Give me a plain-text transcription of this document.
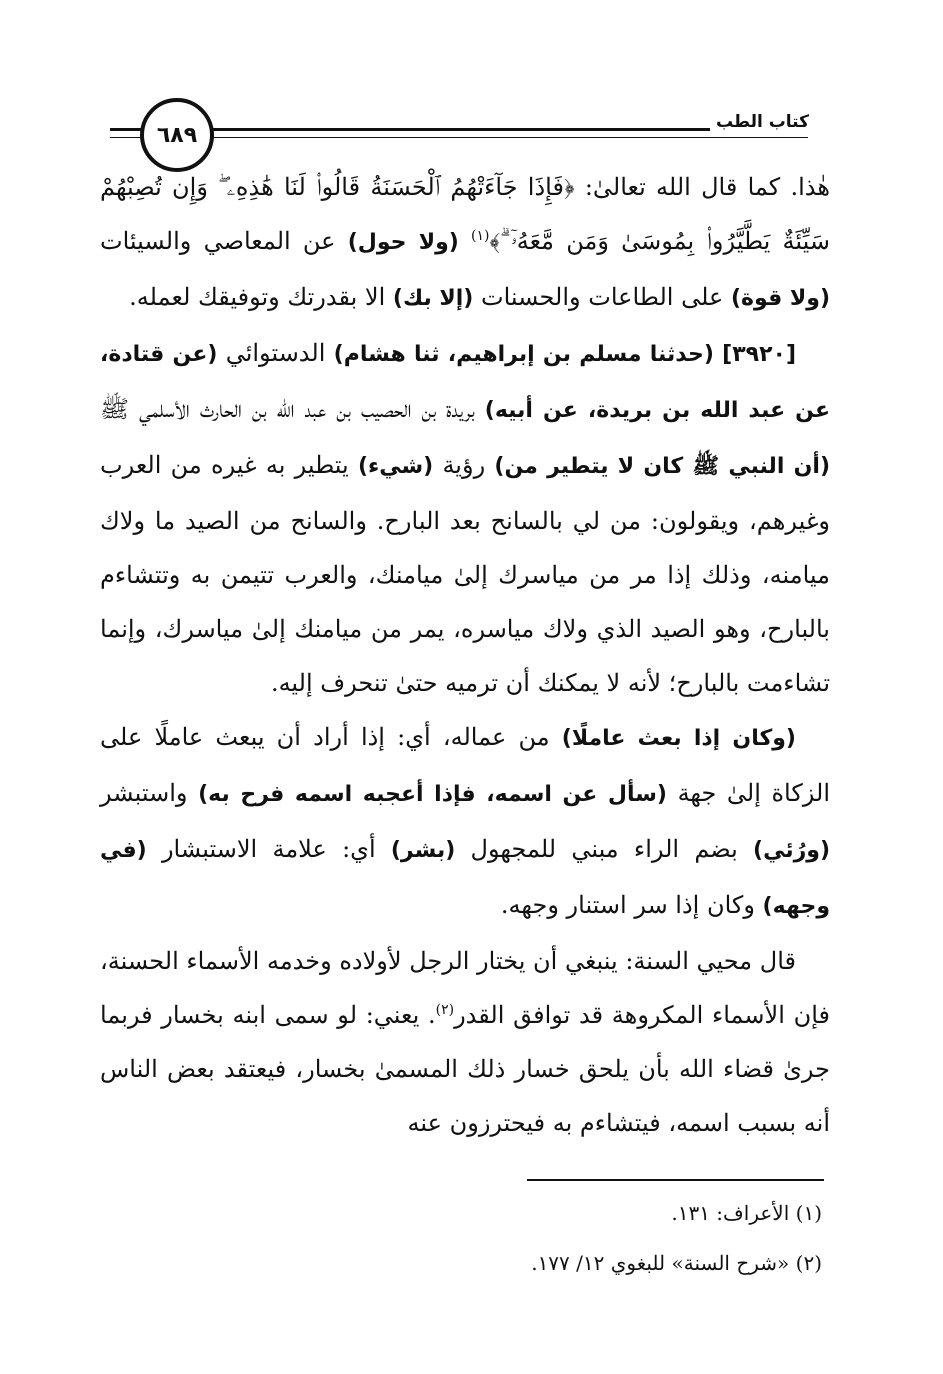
٦٨٩
كتاب الطب

هٰذا. كما قال الله تعالىٰ: ﴿فَإِذَا جَآءَتْهُمُ ٱلْحَسَنَةُ قَالُوا۟ لَنَا هَٰذِهِۦ ۖ وَإِن تُصِبْهُمْ سَيِّئَةٌ يَطَّيَّرُوا۟ بِمُوسَىٰ وَمَن مَّعَهُۥٓ ۗ﴾$^{(١)}$ (ولا حول) عن المعاصي والسيئات (ولا قوة) على الطاعات والحسنات (إلا بك) الا بقدرتك وتوفيقك لعمله.

[٣٩٢٠] (حدثنا مسلم بن إبراهيم، ثنا هشام) الدستوائي (عن قتادة، عن عبد الله بن بريدة، عن أبيه) بريدة بن الحصيب بن عبد الله بن الحارث الأسلمي ﷺ (أن النبي ﷺ كان لا يتطير من) رؤية (شيء) يتطير به غيره من العرب وغيرهم، ويقولون: من لي بالسانح بعد البارح. والسانح من الصيد ما ولاك ميامنه، وذلك إذا مر من مياسرك إلىٰ ميامنك، والعرب تتيمن به وتتشاءم بالبارح، وهو الصيد الذي ولاك مياسره، يمر من ميامنك إلىٰ مياسرك، وإنما تشاءمت بالبارح؛ لأنه لا يمكنك أن ترميه حتىٰ تنحرف إليه.

(وكان إذا بعث عاملًا) من عماله، أي: إذا أراد أن يبعث عاملًا على الزكاة إلىٰ جهة (سأل عن اسمه، فإذا أعجبه اسمه فرح به) واستبشر (ورُئي) بضم الراء مبني للمجهول (بشر) أي: علامة الاستبشار (في وجهه) وكان إذا سر استنار وجهه.

قال محيي السنة: ينبغي أن يختار الرجل لأولاده وخدمه الأسماء الحسنة، فإن الأسماء المكروهة قد توافق القدر$^{(٢)}$. يعني: لو سمى ابنه بخسار فربما جرىٰ قضاء الله بأن يلحق خسار ذلك المسمىٰ بخسار، فيعتقد بعض الناس أنه بسبب اسمه، فيتشاءم به فيحترزون عنه

(١) الأعراف: ١٣١.

(٢) «شرح السنة» للبغوي ١٢/ ١٧٧.
